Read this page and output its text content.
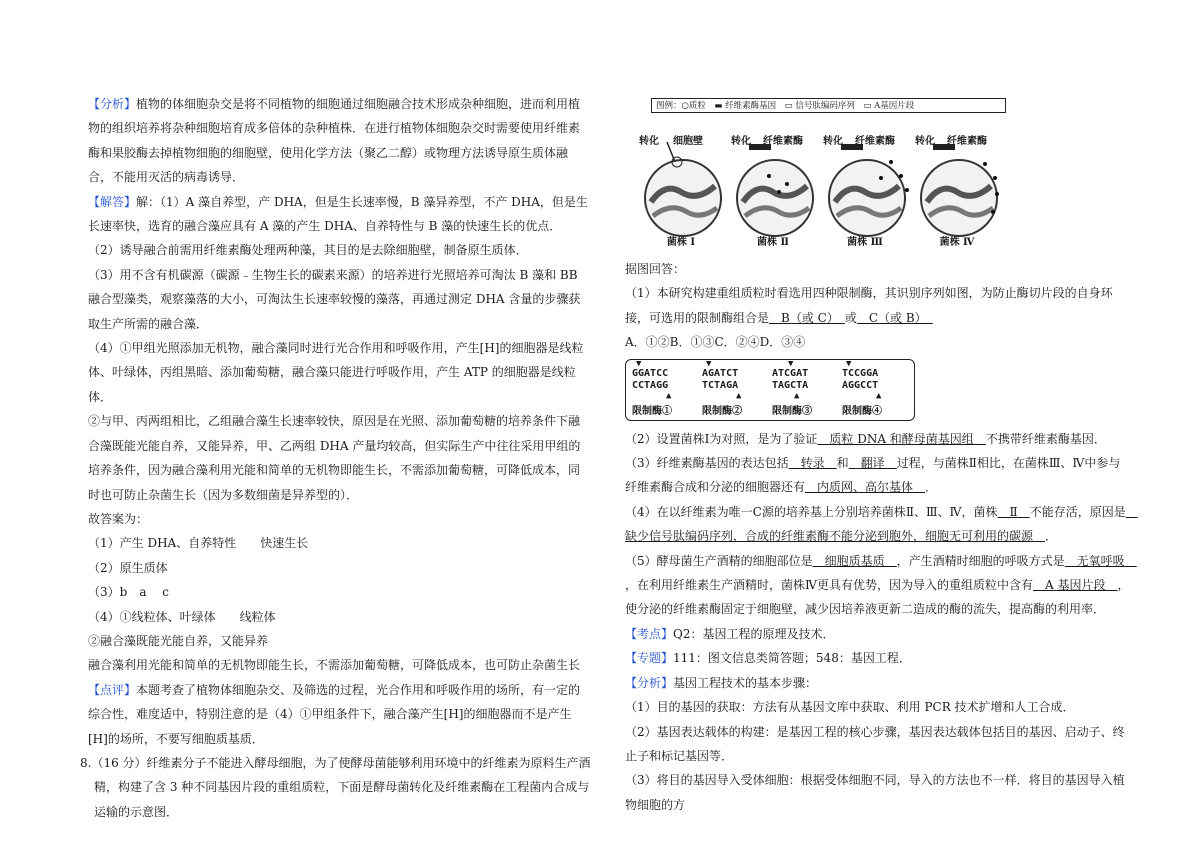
【分析】植物的体细胞杂交是将不同植物的细胞通过细胞融合技术形成杂种细胞，进而利用植物的组织培养将杂种细胞培育成多倍体的杂种植株．在进行植物体细胞杂交时需要使用纤维素酶和果胶酶去掉植物细胞的细胞壁，使用化学方法（聚乙二醇）或物理方法诱导原生质体融合，不能用灭活的病毒诱导．

【解答】解：（1）A 藻自养型，产 DHA，但是生长速率慢，B 藻异养型，不产 DHA，但是生长速率快，选育的融合藻应具有 A 藻的产生 DHA、自养特性与 B 藻的快速生长的优点．

（2）诱导融合前需用纤维素酶处理两种藻，其目的是去除细胞壁，制备原生质体．

（3）用不含有机碳源（碳源﹣生物生长的碳素来源）的培养进行光照培养可淘汰 B 藻和 BB 融合型藻类，观察藻落的大小，可淘汰生长速率较慢的藻落，再通过测定 DHA 含量的步骤获取生产所需的融合藻．

（4）①甲组光照添加无机物，融合藻同时进行光合作用和呼吸作用，产生[H]的细胞器是线粒体、叶绿体，丙组黑暗、添加葡萄糖，融合藻只能进行呼吸作用，产生 ATP 的细胞器是线粒体．

②与甲、丙两组相比，乙组融合藻生长速率较快，原因是在光照、添加葡萄糖的培养条件下融合藻既能光能自养，又能异养，甲、乙两组 DHA 产量均较高，但实际生产中往往采用甲组的培养条件，因为融合藻利用光能和简单的无机物即能生长，不需添加葡萄糖，可降低成本，同时也可防止杂菌生长（因为多数细菌是异养型的）．

故答案为：

（1）产生 DHA、自养特性　　快速生长

（2）原生质体

（3）b　a　 c

（4）①线粒体、叶绿体　　线粒体

②融合藻既能光能自养，又能异养

融合藻利用光能和简单的无机物即能生长，不需添加葡萄糖，可降低成本，也可防止杂菌生长

【点评】本题考查了植物体细胞杂交、及筛选的过程，光合作用和呼吸作用的场所，有一定的综合性，难度适中，特别注意的是（4）①甲组条件下，融合藻产生[H]的细胞器而不是产生[H]的场所，不要写细胞质基质．

8.（16 分）纤维素分子不能进入酵母细胞，为了使酵母菌能够利用环境中的纤维素为原料生产酒精，构建了含 3 种不同基因片段的重组质粒，下面是酵母菌转化及纤维素酶在工程菌内合成与运输的示意图．

图例：○质粒　▬ 纤维素酶基因　▭ 信号肽编码序列　▭ A基因片段
转化 细胞壁
菌株 Ⅰ
转化 纤维素酶
菌株 Ⅱ
转化 纤维素酶
菌株 Ⅲ
转化 纤维素酶
菌株 Ⅳ

据图回答：

（1）本研究构建重组质粒时看选用四种限制酶，其识别序列如图，为防止酶切片段的自身环接，可选用的限制酶组合是　B（或 C）　或　C（或 B）　

A．①②B．①③C．②④D．③④

▼
GGATCC
CCTAGG
▲
限制酶①
▼
AGATCT
TCTAGA
▲
限制酶②
▼
ATCGAT
TAGCTA
▲
限制酶③
▼
TCCGGA
AGGCCT
▲
限制酶④

（2）设置菌株Ⅰ为对照，是为了验证　质粒 DNA 和酵母菌基因组　不携带纤维素酶基因．

（3）纤维素酶基因的表达包括　转录　和　翻译　过程，与菌株Ⅱ相比，在菌株Ⅲ、Ⅳ中参与纤维素酶合成和分泌的细胞器还有　内质网、高尔基体　．

（4）在以纤维素为唯一C源的培养基上分别培养菌株Ⅱ、Ⅲ、Ⅳ，菌株　Ⅱ　不能存活，原因是　缺少信号肽编码序列，合成的纤维素酶不能分泌到胞外，细胞无可利用的碳源　．

（5）酵母菌生产酒精的细胞部位是　细胞质基质　，产生酒精时细胞的呼吸方式是　无氧呼吸　，在利用纤维素生产酒精时，菌株Ⅳ更具有优势，因为导入的重组质粒中含有　A 基因片段　，使分泌的纤维素酶固定于细胞壁，减少因培养液更新二造成的酶的流失，提高酶的利用率．

【考点】Q2：基因工程的原理及技术．

【专题】111：图文信息类简答题；548：基因工程．

【分析】基因工程技术的基本步骤：

（1）目的基因的获取：方法有从基因文库中获取、利用 PCR 技术扩增和人工合成．

（2）基因表达载体的构建：是基因工程的核心步骤，基因表达载体包括目的基因、启动子、终止子和标记基因等．

（3）将目的基因导入受体细胞：根据受体细胞不同，导入的方法也不一样．将目的基因导入植物细胞的方
